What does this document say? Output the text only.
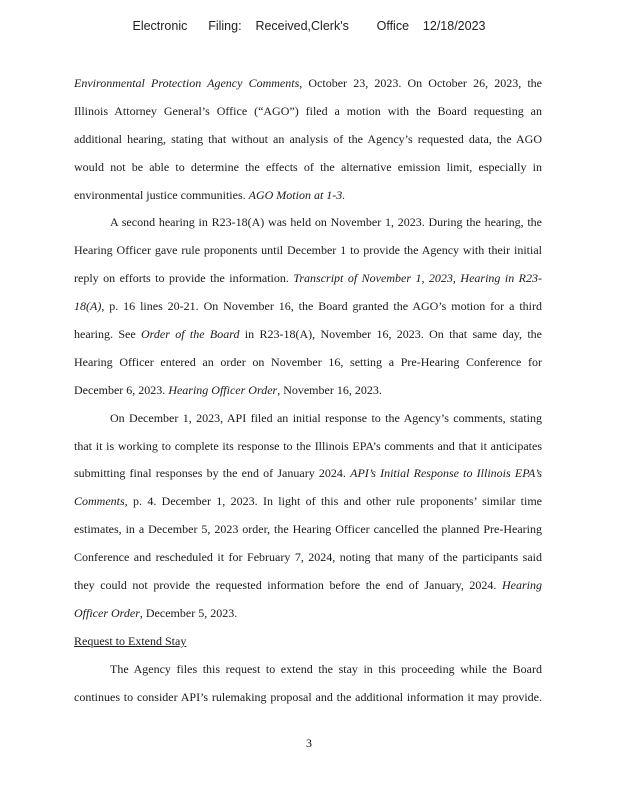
Electronic      Filing:    Received,Clerk's        Office    12/18/2023
Environmental Protection Agency Comments, October 23, 2023. On October 26, 2023, the
Illinois Attorney General’s Office (“AGO”) filed a motion with the Board requesting an
additional hearing, stating that without an analysis of the Agency’s requested data, the AGO
would not be able to determine the effects of the alternative emission limit, especially in
environmental justice communities. AGO Motion at 1-3.
A second hearing in R23-18(A) was held on November 1, 2023. During the hearing, the
Hearing Officer gave rule proponents until December 1 to provide the Agency with their initial
reply on efforts to provide the information. Transcript of November 1, 2023, Hearing in R23-
18(A), p. 16 lines 20-21. On November 16, the Board granted the AGO’s motion for a third
hearing. See Order of the Board in R23-18(A), November 16, 2023. On that same day, the
Hearing Officer entered an order on November 16, setting a Pre-Hearing Conference for
December 6, 2023. Hearing Officer Order, November 16, 2023.
On December 1, 2023, API filed an initial response to the Agency’s comments, stating
that it is working to complete its response to the Illinois EPA’s comments and that it anticipates
submitting final responses by the end of January 2024. API’s Initial Response to Illinois EPA’s
Comments, p. 4. December 1, 2023. In light of this and other rule proponents’ similar time
estimates, in a December 5, 2023 order, the Hearing Officer cancelled the planned Pre-Hearing
Conference and rescheduled it for February 7, 2024, noting that many of the participants said
they could not provide the requested information before the end of January, 2024. Hearing
Officer Order, December 5, 2023.
Request to Extend Stay
The Agency files this request to extend the stay in this proceeding while the Board
continues to consider API’s rulemaking proposal and the additional information it may provide.
3
